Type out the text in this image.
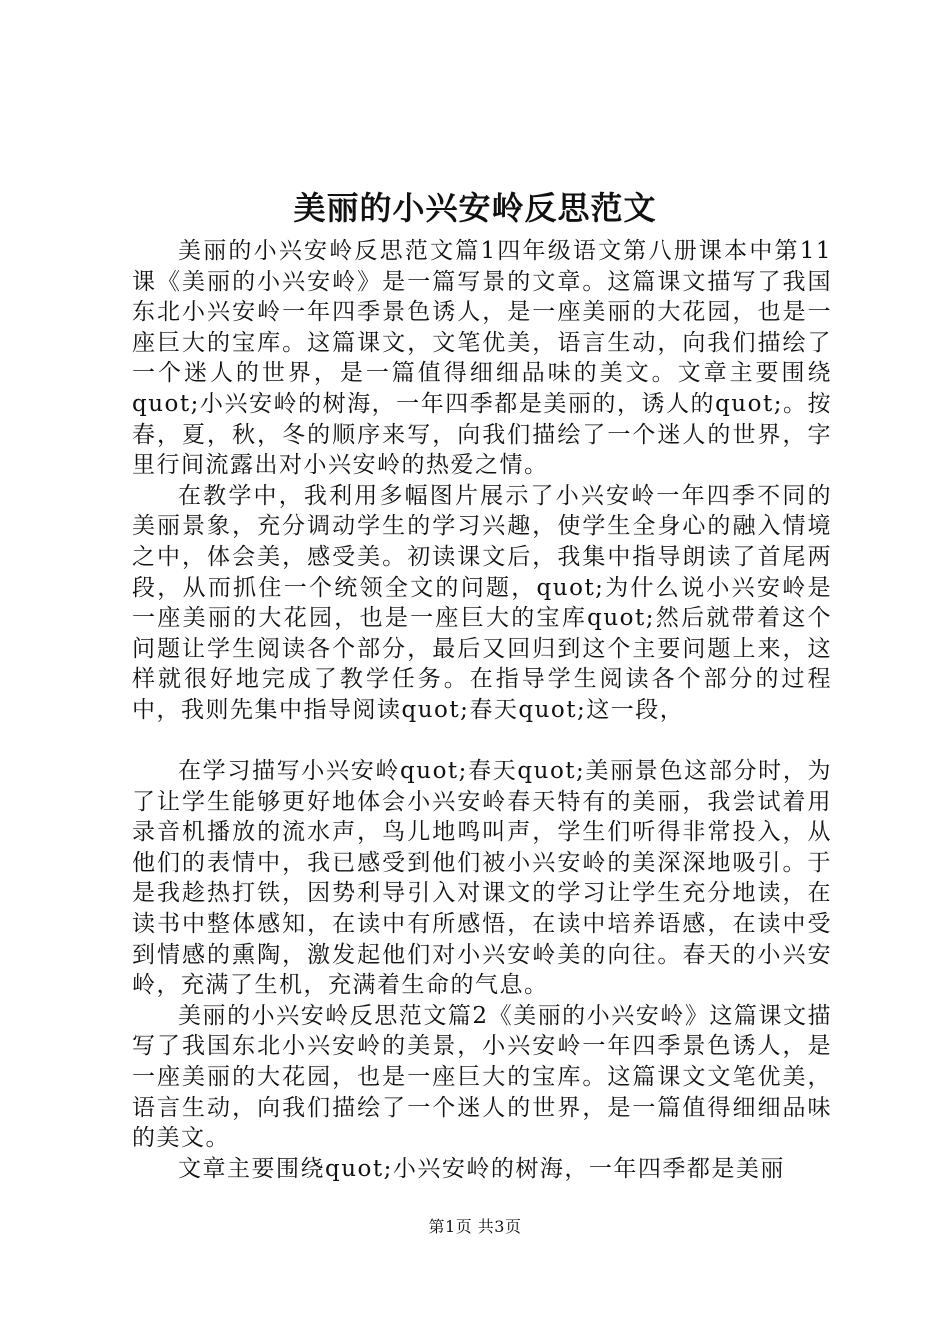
美丽的小兴安岭反思范文

美丽的小兴安岭反思范文篇1四年级语文第八册课本中第11课《美丽的小兴安岭》是一篇写景的文章。这篇课文描写了我国东北小兴安岭一年四季景色诱人，是一座美丽的大花园，也是一座巨大的宝库。这篇课文，文笔优美，语言生动，向我们描绘了一个迷人的世界，是一篇值得细细品味的美文。文章主要围绕quot;小兴安岭的树海，一年四季都是美丽的，诱人的quot;。按春，夏，秋，冬的顺序来写，向我们描绘了一个迷人的世界，字里行间流露出对小兴安岭的热爱之情。

在教学中，我利用多幅图片展示了小兴安岭一年四季不同的美丽景象，充分调动学生的学习兴趣，使学生全身心的融入情境之中，体会美，感受美。初读课文后，我集中指导朗读了首尾两段，从而抓住一个统领全文的问题，quot;为什么说小兴安岭是一座美丽的大花园，也是一座巨大的宝库quot;然后就带着这个问题让学生阅读各个部分，最后又回归到这个主要问题上来，这样就很好地完成了教学任务。在指导学生阅读各个部分的过程中，我则先集中指导阅读quot;春天quot;这一段，

在学习描写小兴安岭quot;春天quot;美丽景色这部分时，为了让学生能够更好地体会小兴安岭春天特有的美丽，我尝试着用录音机播放的流水声，鸟儿地鸣叫声，学生们听得非常投入，从他们的表情中，我已感受到他们被小兴安岭的美深深地吸引。于是我趁热打铁，因势利导引入对课文的学习让学生充分地读，在读书中整体感知，在读中有所感悟，在读中培养语感，在读中受到情感的熏陶，激发起他们对小兴安岭美的向往。春天的小兴安岭，充满了生机，充满着生命的气息。

美丽的小兴安岭反思范文篇2《美丽的小兴安岭》这篇课文描写了我国东北小兴安岭的美景，小兴安岭一年四季景色诱人，是一座美丽的大花园，也是一座巨大的宝库。这篇课文文笔优美，语言生动，向我们描绘了一个迷人的世界，是一篇值得细细品味的美文。

文章主要围绕quot;小兴安岭的树海，一年四季都是美丽

第1页 共3页
